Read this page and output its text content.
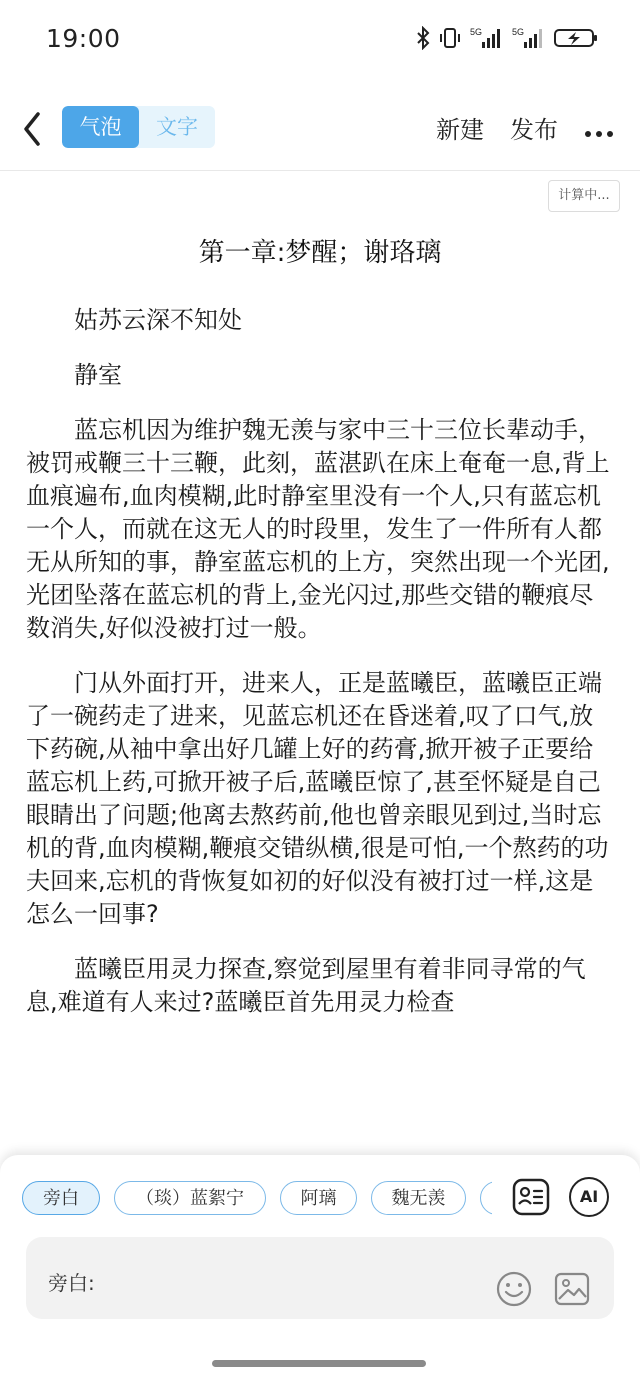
19:00	5G	5G
气泡	文字	新建 发布
计算中...
第一章:梦醒；谢珞璃

姑苏云深不知处

静室

蓝忘机因为维护魏无羡与家中三十三位长辈动手，被罚戒鞭三十三鞭，此刻，蓝湛趴在床上奄奄一息,背上血痕遍布,血肉模糊,此时静室里没有一个人,只有蓝忘机一个人，而就在这无人的时段里，发生了一件所有人都无从所知的事，静室蓝忘机的上方，突然出现一个光团,光团坠落在蓝忘机的背上,金光闪过,那些交错的鞭痕尽数消失,好似没被打过一般。

门从外面打开，进来人，正是蓝曦臣，蓝曦臣正端了一碗药走了进来，见蓝忘机还在昏迷着,叹了口气,放下药碗,从袖中拿出好几罐上好的药膏,掀开被子正要给蓝忘机上药,可掀开被子后,蓝曦臣惊了,甚至怀疑是自己眼睛出了问题;他离去熬药前,他也曾亲眼见到过,当时忘机的背,血肉模糊,鞭痕交错纵横,很是可怕,一个熬药的功夫回来,忘机的背恢复如初的好似没有被打过一样,这是怎么一回事?

蓝曦臣用灵力探查,察觉到屋里有着非同寻常的气息,难道有人来过?蓝曦臣首先用灵力检查

旁白	（琰）蓝絮宁	阿璃	魏无羡	AI
旁白:
